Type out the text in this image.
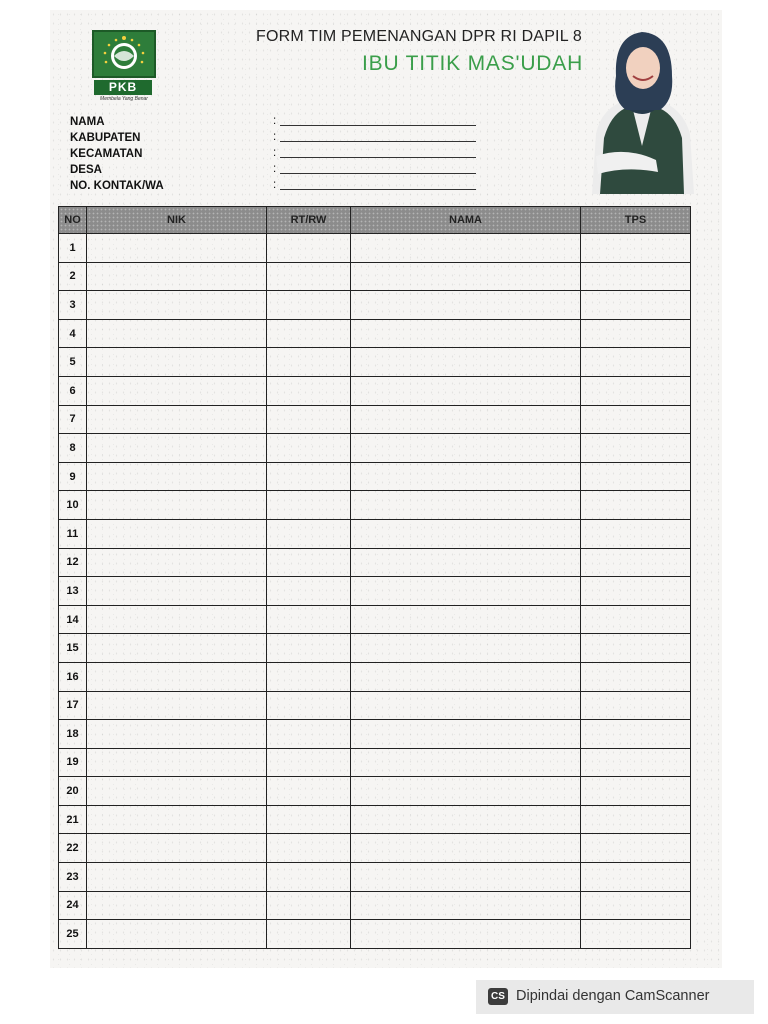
PKB
Membela Yang Benar
FORM TIM PEMENANGAN DPR RI DAPIL 8
IBU TITIK MAS'UDAH
NAMA	:
KABUPATEN	:
KECAMATAN	:
DESA	:
NO. KONTAK/WA	:
NO	NIK	RT/RW	NAMA	TPS
1				
2				
3				
4				
5				
6				
7				
8				
9				
10				
11				
12				
13				
14				
15				
16				
17				
18				
19				
20				
21				
22				
23				
24				
25				
CS Dipindai dengan CamScanner
